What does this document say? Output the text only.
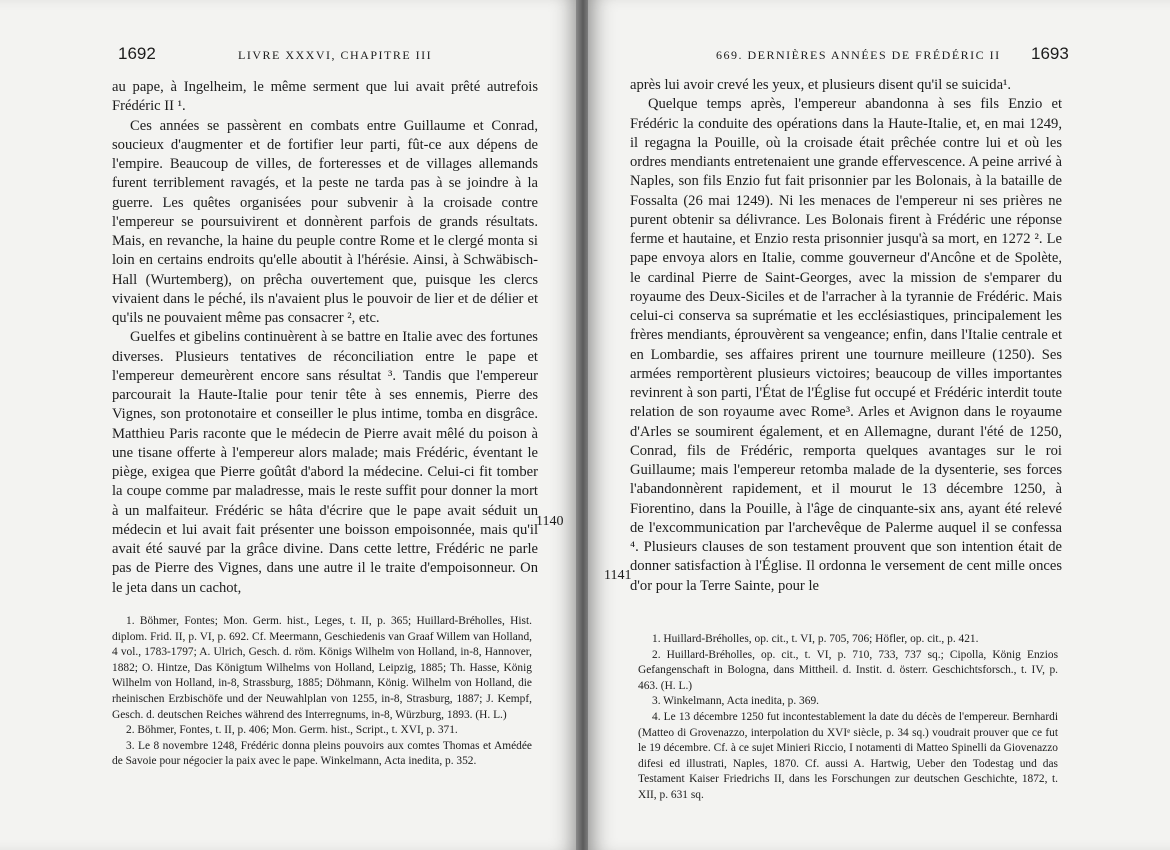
1692	LIVRE XXXVI, CHAPITRE III

au pape, à Ingelheim, le même serment que lui avait prêté autrefois Frédéric II ¹.

Ces années se passèrent en combats entre Guillaume et Conrad, soucieux d'augmenter et de fortifier leur parti, fût-ce aux dépens de l'empire. Beaucoup de villes, de forteresses et de villages allemands furent terriblement ravagés, et la peste ne tarda pas à se joindre à la guerre. Les quêtes organisées pour subvenir à la croisade contre l'empereur se poursuivirent et donnèrent parfois de grands résultats. Mais, en revanche, la haine du peuple contre Rome et le clergé monta si loin en certains endroits qu'elle aboutit à l'hérésie. Ainsi, à Schwäbisch-Hall (Wurtemberg), on prêcha ouvertement que, puisque les clercs vivaient dans le péché, ils n'avaient plus le pouvoir de lier et de délier et qu'ils ne pouvaient même pas consacrer ², etc.

Guelfes et gibelins continuèrent à se battre en Italie avec des fortunes diverses. Plusieurs tentatives de réconciliation entre le pape et l'empereur demeurèrent encore sans résultat ³. Tandis que l'empereur parcourait la Haute-Italie pour tenir tête à ses ennemis, Pierre des Vignes, son protonotaire et conseiller le plus intime, tomba en disgrâce. Matthieu Paris raconte que le médecin de Pierre avait mêlé du poison à une tisane offerte à l'empereur alors malade; mais Frédéric, éventant le piège, exigea que Pierre goûtât d'abord la médecine. Celui-ci fit tomber la coupe comme par maladresse, mais le reste suffit pour donner la mort à un malfaiteur. Frédéric se hâta d'écrire que le pape avait séduit un médecin et lui avait fait présenter une boisson empoisonnée, mais qu'il avait été sauvé par la grâce divine. Dans cette lettre, Frédéric ne parle pas de Pierre des Vignes, dans une autre il le traite d'empoisonneur. On le jeta dans un cachot,

1140

1. Böhmer, Fontes; Mon. Germ. hist., Leges, t. II, p. 365; Huillard-Bréholles, Hist. diplom. Frid. II, p. VI, p. 692. Cf. Meermann, Geschiedenis van Graaf Willem van Holland, 4 vol., 1783-1797; A. Ulrich, Gesch. d. röm. Königs Wilhelm von Holland, in-8, Hannover, 1882; O. Hintze, Das Königtum Wilhelms von Holland, Leipzig, 1885; Th. Hasse, König Wilhelm von Holland, in-8, Strassburg, 1885; Döhmann, König. Wilhelm von Holland, die rheinischen Erzbischöfe und der Neuwahlplan von 1255, in-8, Strasburg, 1887; J. Kempf, Gesch. d. deutschen Reiches während des Interregnums, in-8, Würzburg, 1893. (H. L.)

2. Böhmer, Fontes, t. II, p. 406; Mon. Germ. hist., Script., t. XVI, p. 371.

3. Le 8 novembre 1248, Frédéric donna pleins pouvoirs aux comtes Thomas et Amédée de Savoie pour négocier la paix avec le pape. Winkelmann, Acta inedita, p. 352.

669. DERNIÈRES ANNÉES DE FRÉDÉRIC II 1693

après lui avoir crevé les yeux, et plusieurs disent qu'il se suicida¹.

Quelque temps après, l'empereur abandonna à ses fils Enzio et Frédéric la conduite des opérations dans la Haute-Italie, et, en mai 1249, il regagna la Pouille, où la croisade était prêchée contre lui et où les ordres mendiants entretenaient une grande effervescence. A peine arrivé à Naples, son fils Enzio fut fait prisonnier par les Bolonais, à la bataille de Fossalta (26 mai 1249). Ni les menaces de l'empereur ni ses prières ne purent obtenir sa délivrance. Les Bolonais firent à Frédéric une réponse ferme et hautaine, et Enzio resta prisonnier jusqu'à sa mort, en 1272 ². Le pape envoya alors en Italie, comme gouverneur d'Ancône et de Spolète, le cardinal Pierre de Saint-Georges, avec la mission de s'emparer du royaume des Deux-Siciles et de l'arracher à la tyrannie de Frédéric. Mais celui-ci conserva sa suprématie et les ecclésiastiques, principalement les frères mendiants, éprouvèrent sa vengeance; enfin, dans l'Italie centrale et en Lombardie, ses affaires prirent une tournure meilleure (1250). Ses armées remportèrent plusieurs victoires; beaucoup de villes importantes revinrent à son parti, l'État de l'Église fut occupé et Frédéric interdit toute relation de son royaume avec Rome³. Arles et Avignon dans le royaume d'Arles se soumirent également, et en Allemagne, durant l'été de 1250, Conrad, fils de Frédéric, remporta quelques avantages sur le roi Guillaume; mais l'empereur retomba malade de la dysenterie, ses forces l'abandonnèrent rapidement, et il mourut le 13 décembre 1250, à Fiorentino, dans la Pouille, à l'âge de cinquante-six ans, ayant été relevé de l'excommunication par l'archevêque de Palerme auquel il se confessa ⁴. Plusieurs clauses de son testament prouvent que son intention était de donner satisfaction à l'Église. Il ordonna le versement de cent mille onces d'or pour la Terre Sainte, pour le

1141

1. Huillard-Bréholles, op. cit., t. VI, p. 705, 706; Höfler, op. cit., p. 421.

2. Huillard-Bréholles, op. cit., t. VI, p. 710, 733, 737 sq.; Cipolla, König Enzios Gefangenschaft in Bologna, dans Mittheil. d. Instit. d. österr. Geschichtsforsch., t. IV, p. 463. (H. L.)

3. Winkelmann, Acta inedita, p. 369.

4. Le 13 décembre 1250 fut incontestablement la date du décès de l'empereur. Bernhardi (Matteo di Grovenazzo, interpolation du XVIᵉ siècle, p. 34 sq.) voudrait prouver que ce fut le 19 décembre. Cf. à ce sujet Minieri Riccio, I notamenti di Matteo Spinelli da Giovenazzo difesi ed illustrati, Naples, 1870. Cf. aussi A. Hartwig, Ueber den Todestag und das Testament Kaiser Friedrichs II, dans les Forschungen zur deutschen Geschichte, 1872, t. XII, p. 631 sq.
